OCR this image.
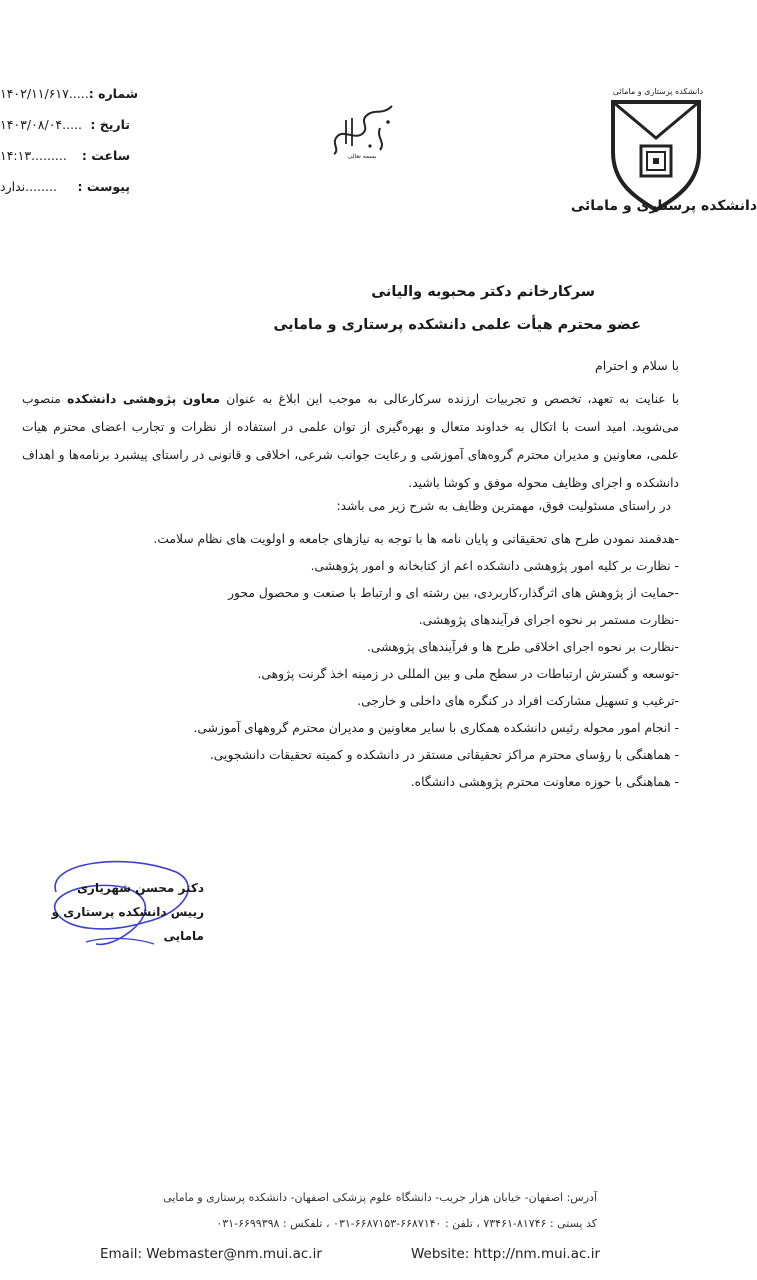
۱۴۰۲/۱۱/۶۱۷..... شماره :
۱۴۰۳/۰۸/۰۴..... تاریخ :
۱۴:۱۳......... ساعت :
ندارد........ پیوست :
بسمه تعالی
دانشکده پرستاری و مامائی
دانشکده پرستاری و مامائی
سرکارخانم دکتر محبوبه والیانی
عضو محترم هیأت علمی دانشکده پرستاری و مامایی
با سلام و احترام
با عنایت به تعهد، تخصص و تجربیات ارزنده سرکارعالی به موجب این ابلاغ به عنوان معاون پژوهشی دانشکده منصوب می‌شوید. امید است با اتکال به خداوند متعال و بهره‌گیری از توان علمی در استفاده از نظرات و تجارب اعضای محترم هیات علمی، معاونین و مدیران محترم گروه‌های آموزشی و رعایت جوانب شرعی، اخلاقی و قانونی در راستای پیشبرد برنامه‌ها و اهداف دانشکده و اجرای وظایف محوله موفق و کوشا باشید.
در راستای مسئولیت فوق، مهمترین وظایف به شرح زیر می باشد:
-هدفمند نمودن طرح های تحقیقاتی و پایان نامه ها با توجه به نیازهای جامعه و اولویت های نظام سلامت.
- نظارت بر کلیه امور پژوهشی دانشکده اعم از کتابخانه و امور پژوهشی.
-حمایت از پژوهش های اثرگذار،کاربردی، بین رشته ای و ارتباط با صنعت و محصول محور
-نظارت مستمر بر نحوه اجرای فرآیندهای پژوهشی.
-نظارت بر نحوه اجرای اخلاقی طرح ها و فرآیندهای پژوهشی.
-توسعه و گسترش ارتباطات در سطح ملی و بین المللی در زمینه اخذ گرنت پژوهی.
-ترغیب و تسهیل مشارکت افراد در کنگره های داخلی و خارجی.
- انجام امور محوله رئیس دانشکده همکاری با سایر معاونین و مدیران محترم گروههای آموزشی.
- هماهنگی با رؤسای محترم مراکز تحقیقاتی مستقر در دانشکده و کمیته تحقیقات دانشجویی.
- هماهنگی با حوزه معاونت محترم پژوهشی دانشگاه.
دکتر محسن شهریاری
رییس دانشکده پرستاری و مامایی
آدرس: اصفهان- خیابان هزار جریب- دانشگاه علوم پزشکی اصفهان- دانشکده پرستاری و مامایی
کد پستی : ۸۱۷۴۶-۷۳۴۶۱ ، تلفن : ۶۶۸۷۱۴۰-۶۶۸۷۱۵۳-۰۳۱ ، تلفکس : ۶۶۹۹۳۹۸-۰۳۱
Email: Webmaster@nm.mui.ac.ir	Website: http://nm.mui.ac.ir
